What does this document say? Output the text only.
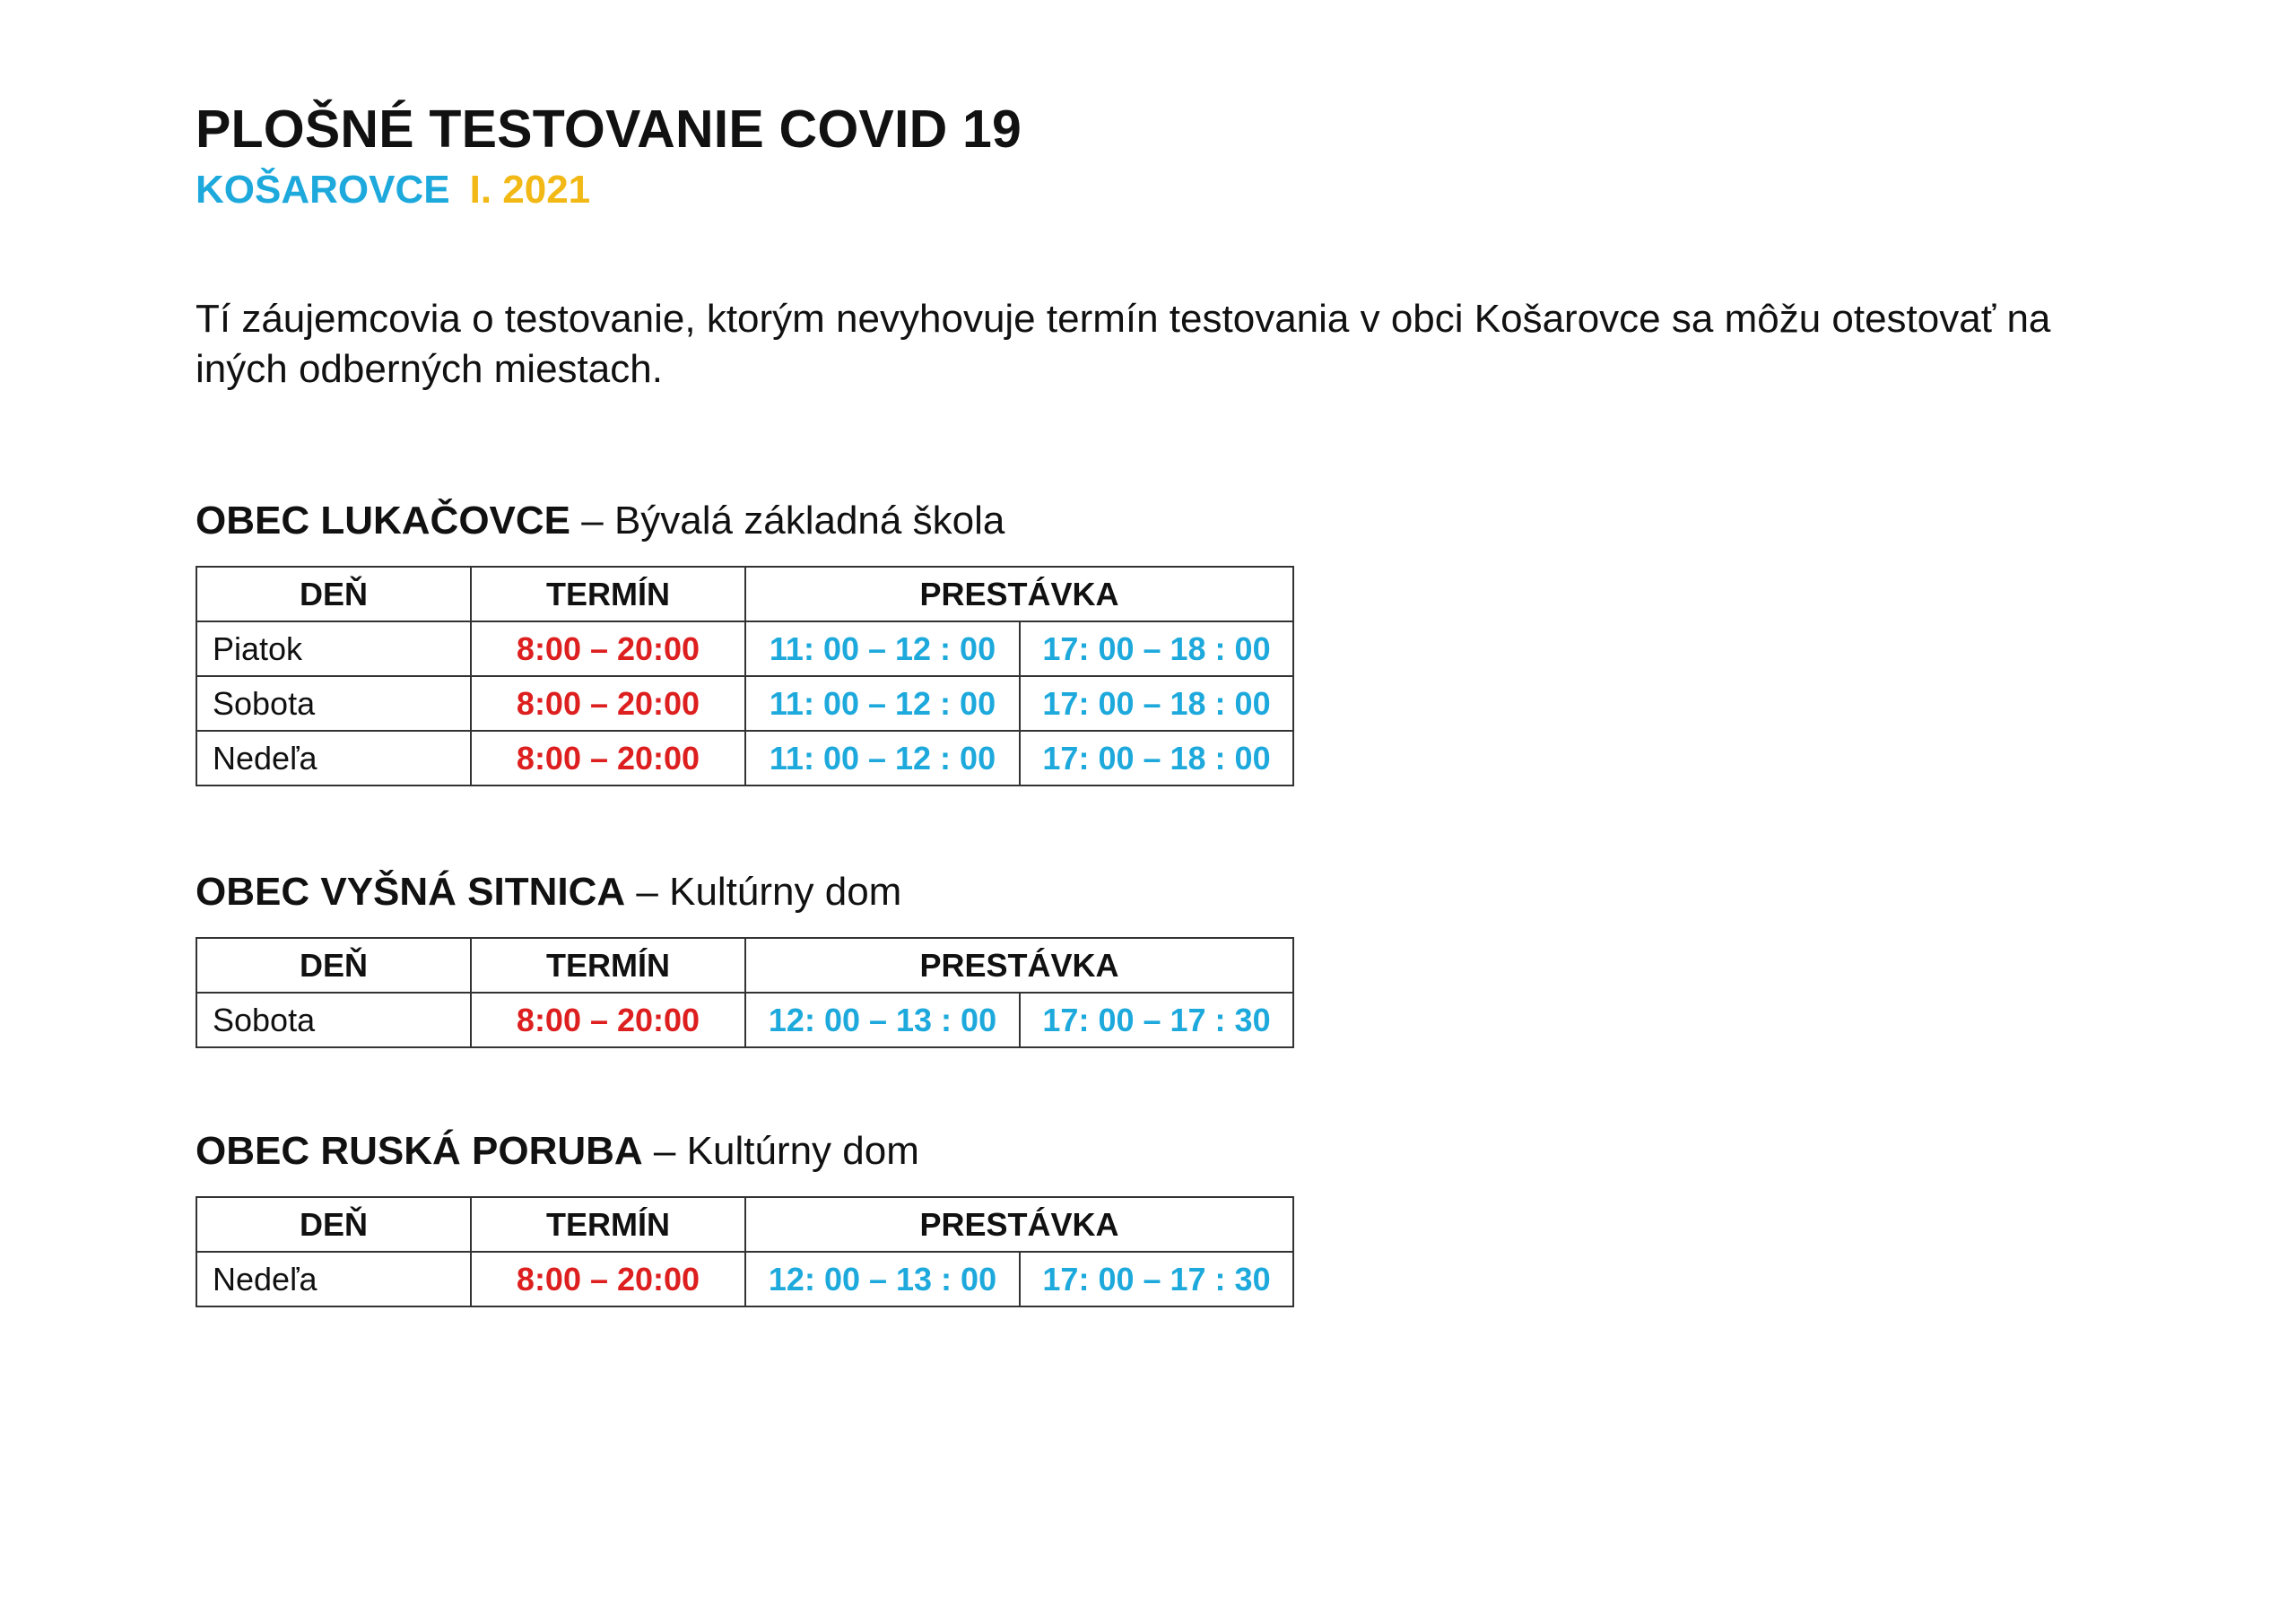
PLOŠNÉ TESTOVANIE COVID 19
KOŠAROVCE I. 2021
Tí záujemcovia o testovanie, ktorým nevyhovuje termín testovania v obci Košarovce sa môžu otestovať na iných odberných miestach.
OBEC LUKAČOVCE – Bývalá základná škola
DEŇ	TERMÍN	PRESTÁVKA	
Piatok	8:00 – 20:00	11: 00 – 12 : 00	17: 00 – 18 : 00
Sobota	8:00 – 20:00	11: 00 – 12 : 00	17: 00 – 18 : 00
Nedeľa	8:00 – 20:00	11: 00 – 12 : 00	17: 00 – 18 : 00
OBEC VYŠNÁ SITNICA – Kultúrny dom
DEŇ	TERMÍN	PRESTÁVKA	
Sobota	8:00 – 20:00	12: 00 – 13 : 00	17: 00 – 17 : 30
OBEC RUSKÁ PORUBA – Kultúrny dom
DEŇ	TERMÍN	PRESTÁVKA	
Nedeľa	8:00 – 20:00	12: 00 – 13 : 00	17: 00 – 17 : 30
